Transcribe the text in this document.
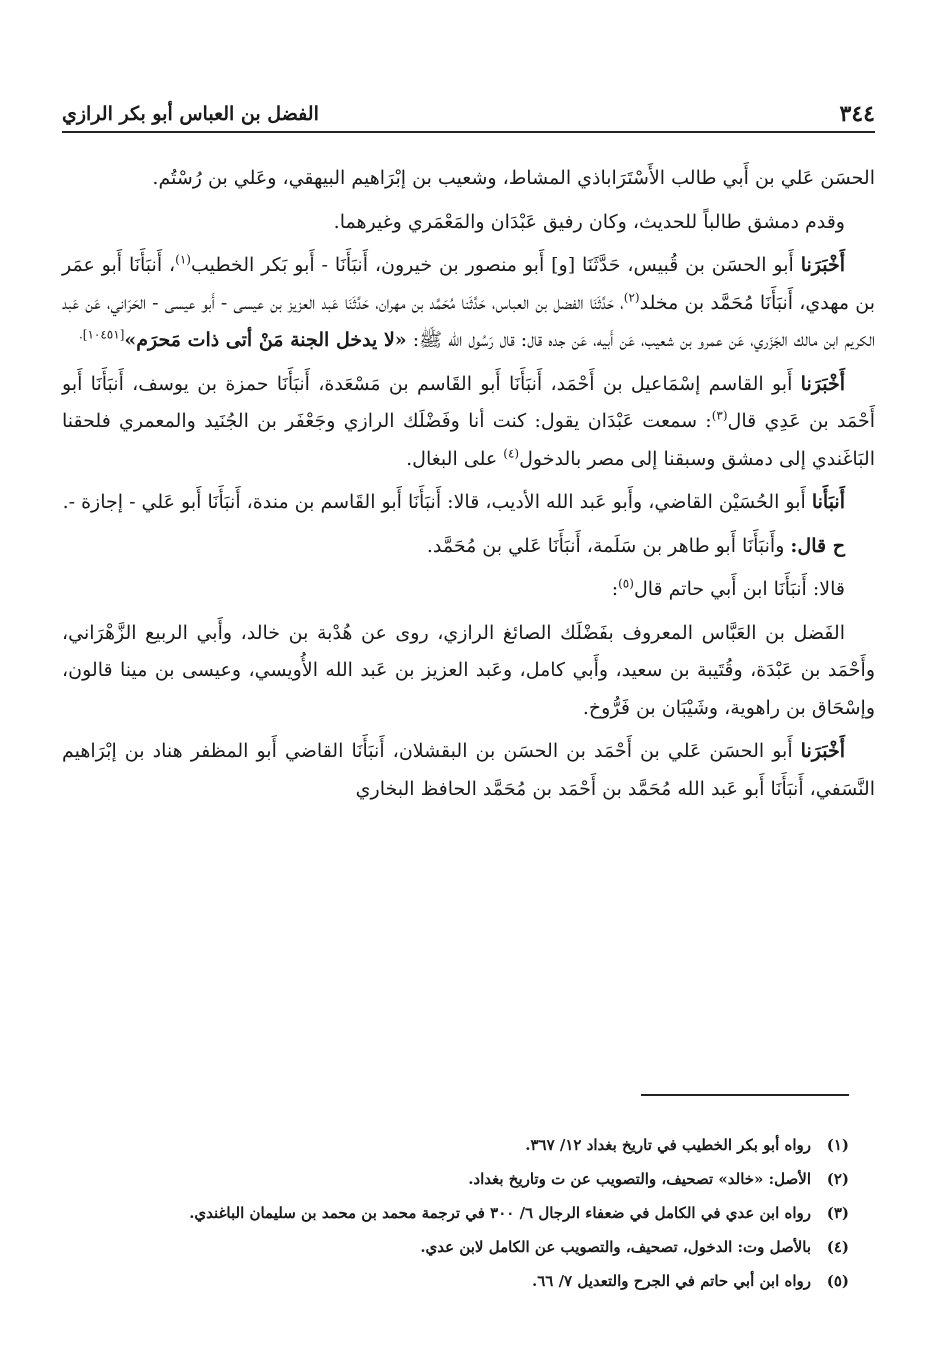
٣٤٤
الفضل بن العباس أبو بكر الرازي

الحسَن عَلي بن أَبي طالب الأَسْتَرَاباذي المشاط، وشعيب بن إبْرَاهيم البيهقي، وعَلي بن رُسْتُم.

وقدم دمشق طالباً للحديث، وكان رفيق عَبْدَان والمَعْمَري وغيرهما.

أَخْبَرَنا أَبو الحسَن بن قُبيس، حَدَّثَنَا [و] أَبو منصور بن خيرون، أَنبَأَنَا - أَبو بَكر الخطيب$^{(١)}$، أَنبَأَنَا أَبو عمَر بن مهدي، أَنبَأَنَا مُحَمَّد بن مخلد$^{(٢)}$، حَدَّثَنَا الفضل بن العباس، حَدَّثَنا مُحَمَّد بن مهران، حَدَّثَنَا عَبد العزيز بن عيسى - أَبو عيسى - الحَرَاني، عَن عَبد الكريم ابن مالك الجَزَري، عَن عمرو بن شعيب، عَن أَبيه، عَن جده قال: قال رَسُول الله ﷺ: «لا يدخل الجنة مَنْ أتى ذات مَحرَم»$^{[١٠٤٥١].}$

أَخْبَرَنا أَبو القاسم إسْمَاعيل بن أَحْمَد، أَنبَأَنَا أَبو القَاسم بن مَسْعَدة، أَنبَأَنَا حمزة بن يوسف، أَنبَأَنَا أَبو أَحْمَد بن عَدِي قال$^{(٣)}$: سمعت عَبْدَان يقول: كنت أنا وفَضْلَك الرازي وجَعْفَر بن الجُنَيد والمعمري فلحقنا البَاغَندي إلى دمشق وسبقنا إلى مصر بالدخول$^{(٤)}$ على البغال.

أَنبَأَنا أَبو الحُسَيْن القاضي، وأَبو عَبد الله الأديب، قالا: أَنبَأَنَا أَبو القَاسم بن مندة، أَنبَأَنَا أَبو عَلي - إجازة -.

ح قال: وأَنبَأَنَا أَبو طاهر بن سَلَمة، أَنبَأَنَا عَلي بن مُحَمَّد.

قالا: أَنبَأَنَا ابن أَبي حاتم قال$^{(٥)}$:

الفَضل بن العَبَّاس المعروف بفَضْلَك الصائغ الرازي، روى عن هُدْبة بن خالد، وأَبي الربيع الزَّهْرَاني، وأَحْمَد بن عَبْدَة، وقُتَيبة بن سعيد، وأَبي كامل، وعَبد العزيز بن عَبد الله الأُويسي، وعيسى بن مينا قالون، وإسْحَاق بن راهوية، وشَيْبَان بن فَرُّوخ.

أَخْبَرَنا أَبو الحسَن عَلي بن أَحْمَد بن الحسَن بن البقشلان، أَنبَأَنَا القاضي أَبو المظفر هناد بن إبْرَاهيم النَّسَفي، أَنبَأَنَا أَبو عَبد الله مُحَمَّد بن أَحْمَد بن مُحَمَّد الحافظ البخاري

(١)
رواه أبو بكر الخطيب في تاريخ بغداد ١٢/ ٣٦٧.
(٢)
الأصل: «خالد» تصحيف، والتصويب عن ت وتاريخ بغداد.
(٣)
رواه ابن عدي في الكامل في ضعفاء الرجال ٦/ ٣٠٠ في ترجمة محمد بن محمد بن سليمان الباغندي.
(٤)
بالأصل وت: الدخول، تصحيف، والتصويب عن الكامل لابن عدي.
(٥)
رواه ابن أبي حاتم في الجرح والتعديل ٧/ ٦٦.
